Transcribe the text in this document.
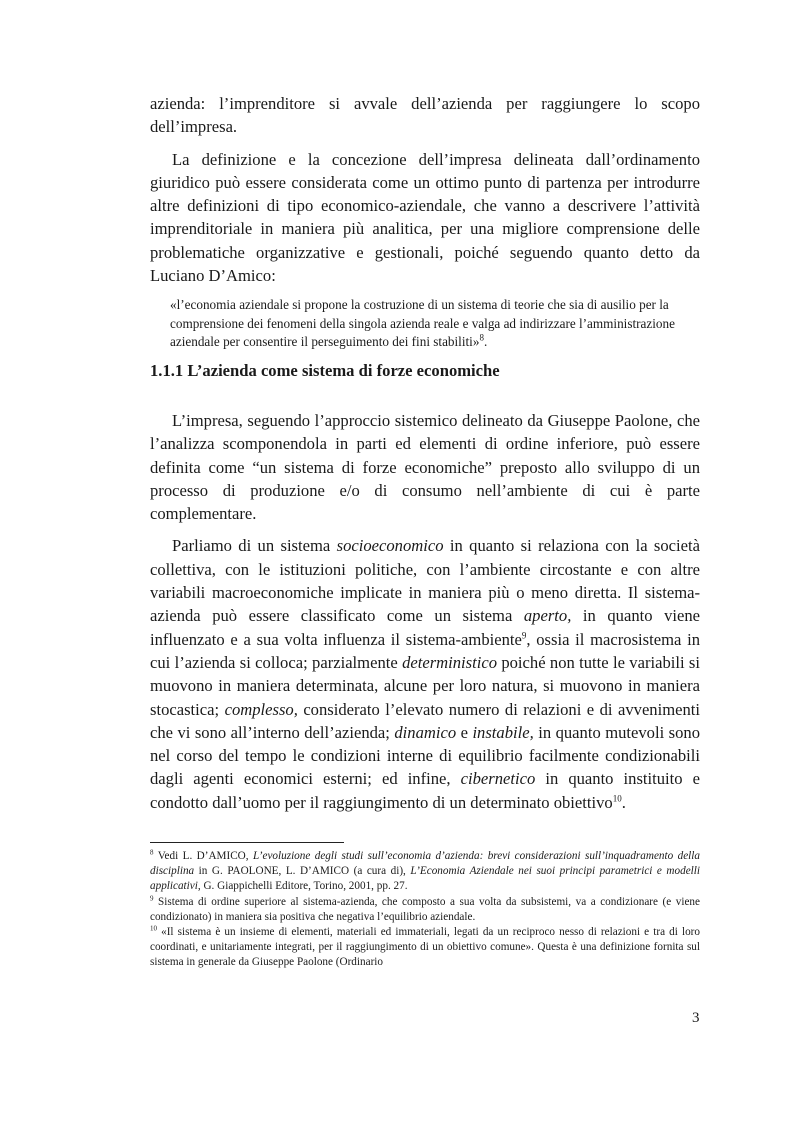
azienda: l’imprenditore si avvale dell’azienda per raggiungere lo scopo dell’impresa.

La definizione e la concezione dell’impresa delineata dall’ordinamento giuridico può essere considerata come un ottimo punto di partenza per introdurre altre definizioni di tipo economico-aziendale, che vanno a descrivere l’attività imprenditoriale in maniera più analitica, per una migliore comprensione delle problematiche organizzative e gestionali, poiché seguendo quanto detto da Luciano D’Amico:

«l’economia aziendale si propone la costruzione di un sistema di teorie che sia di ausilio per la comprensione dei fenomeni della singola azienda reale e valga ad indirizzare l’amministrazione aziendale per consentire il perseguimento dei fini stabiliti»$^8$.

1.1.1 L’azienda come sistema di forze economiche

L’impresa, seguendo l’approccio sistemico delineato da Giuseppe Paolone, che l’analizza scomponendola in parti ed elementi di ordine inferiore, può essere definita come “un sistema di forze economiche” preposto allo sviluppo di un processo di produzione e/o di consumo nell’ambiente di cui è parte complementare.

Parliamo di un sistema socioeconomico in quanto si relaziona con la società collettiva, con le istituzioni politiche, con l’ambiente circostante e con altre variabili macroeconomiche implicate in maniera più o meno diretta. Il sistema-azienda può essere classificato come un sistema aperto, in quanto viene influenzato e a sua volta influenza il sistema-ambiente$^9$, ossia il macrosistema in cui l’azienda si colloca; parzialmente deterministico poiché non tutte le variabili si muovono in maniera determinata, alcune per loro natura, si muovono in maniera stocastica; complesso, considerato l’elevato numero di relazioni e di avvenimenti che vi sono all’interno dell’azienda; dinamico e instabile, in quanto mutevoli sono nel corso del tempo le condizioni interne di equilibrio facilmente condizionabili dagli agenti economici esterni; ed infine, cibernetico in quanto instituito e condotto dall’uomo per il raggiungimento di un determinato obiettivo$^{10}$.

$^8$ Vedi L. D’AMICO, L’evoluzione degli studi sull’economia d’azienda: brevi considerazioni sull’inquadramento della disciplina in G. PAOLONE, L. D’AMICO (a cura di), L’Economia Aziendale nei suoi principi parametrici e modelli applicativi, G. Giappichelli Editore, Torino, 2001, pp. 27.

$^9$ Sistema di ordine superiore al sistema-azienda, che composto a sua volta da subsistemi, va a condizionare (e viene condizionato) in maniera sia positiva che negativa l’equilibrio aziendale.

$^{10}$ «Il sistema è un insieme di elementi, materiali ed immateriali, legati da un reciproco nesso di relazioni e tra di loro coordinati, e unitariamente integrati, per il raggiungimento di un obiettivo comune». Questa è una definizione fornita sul sistema in generale da Giuseppe Paolone (Ordinario

3
